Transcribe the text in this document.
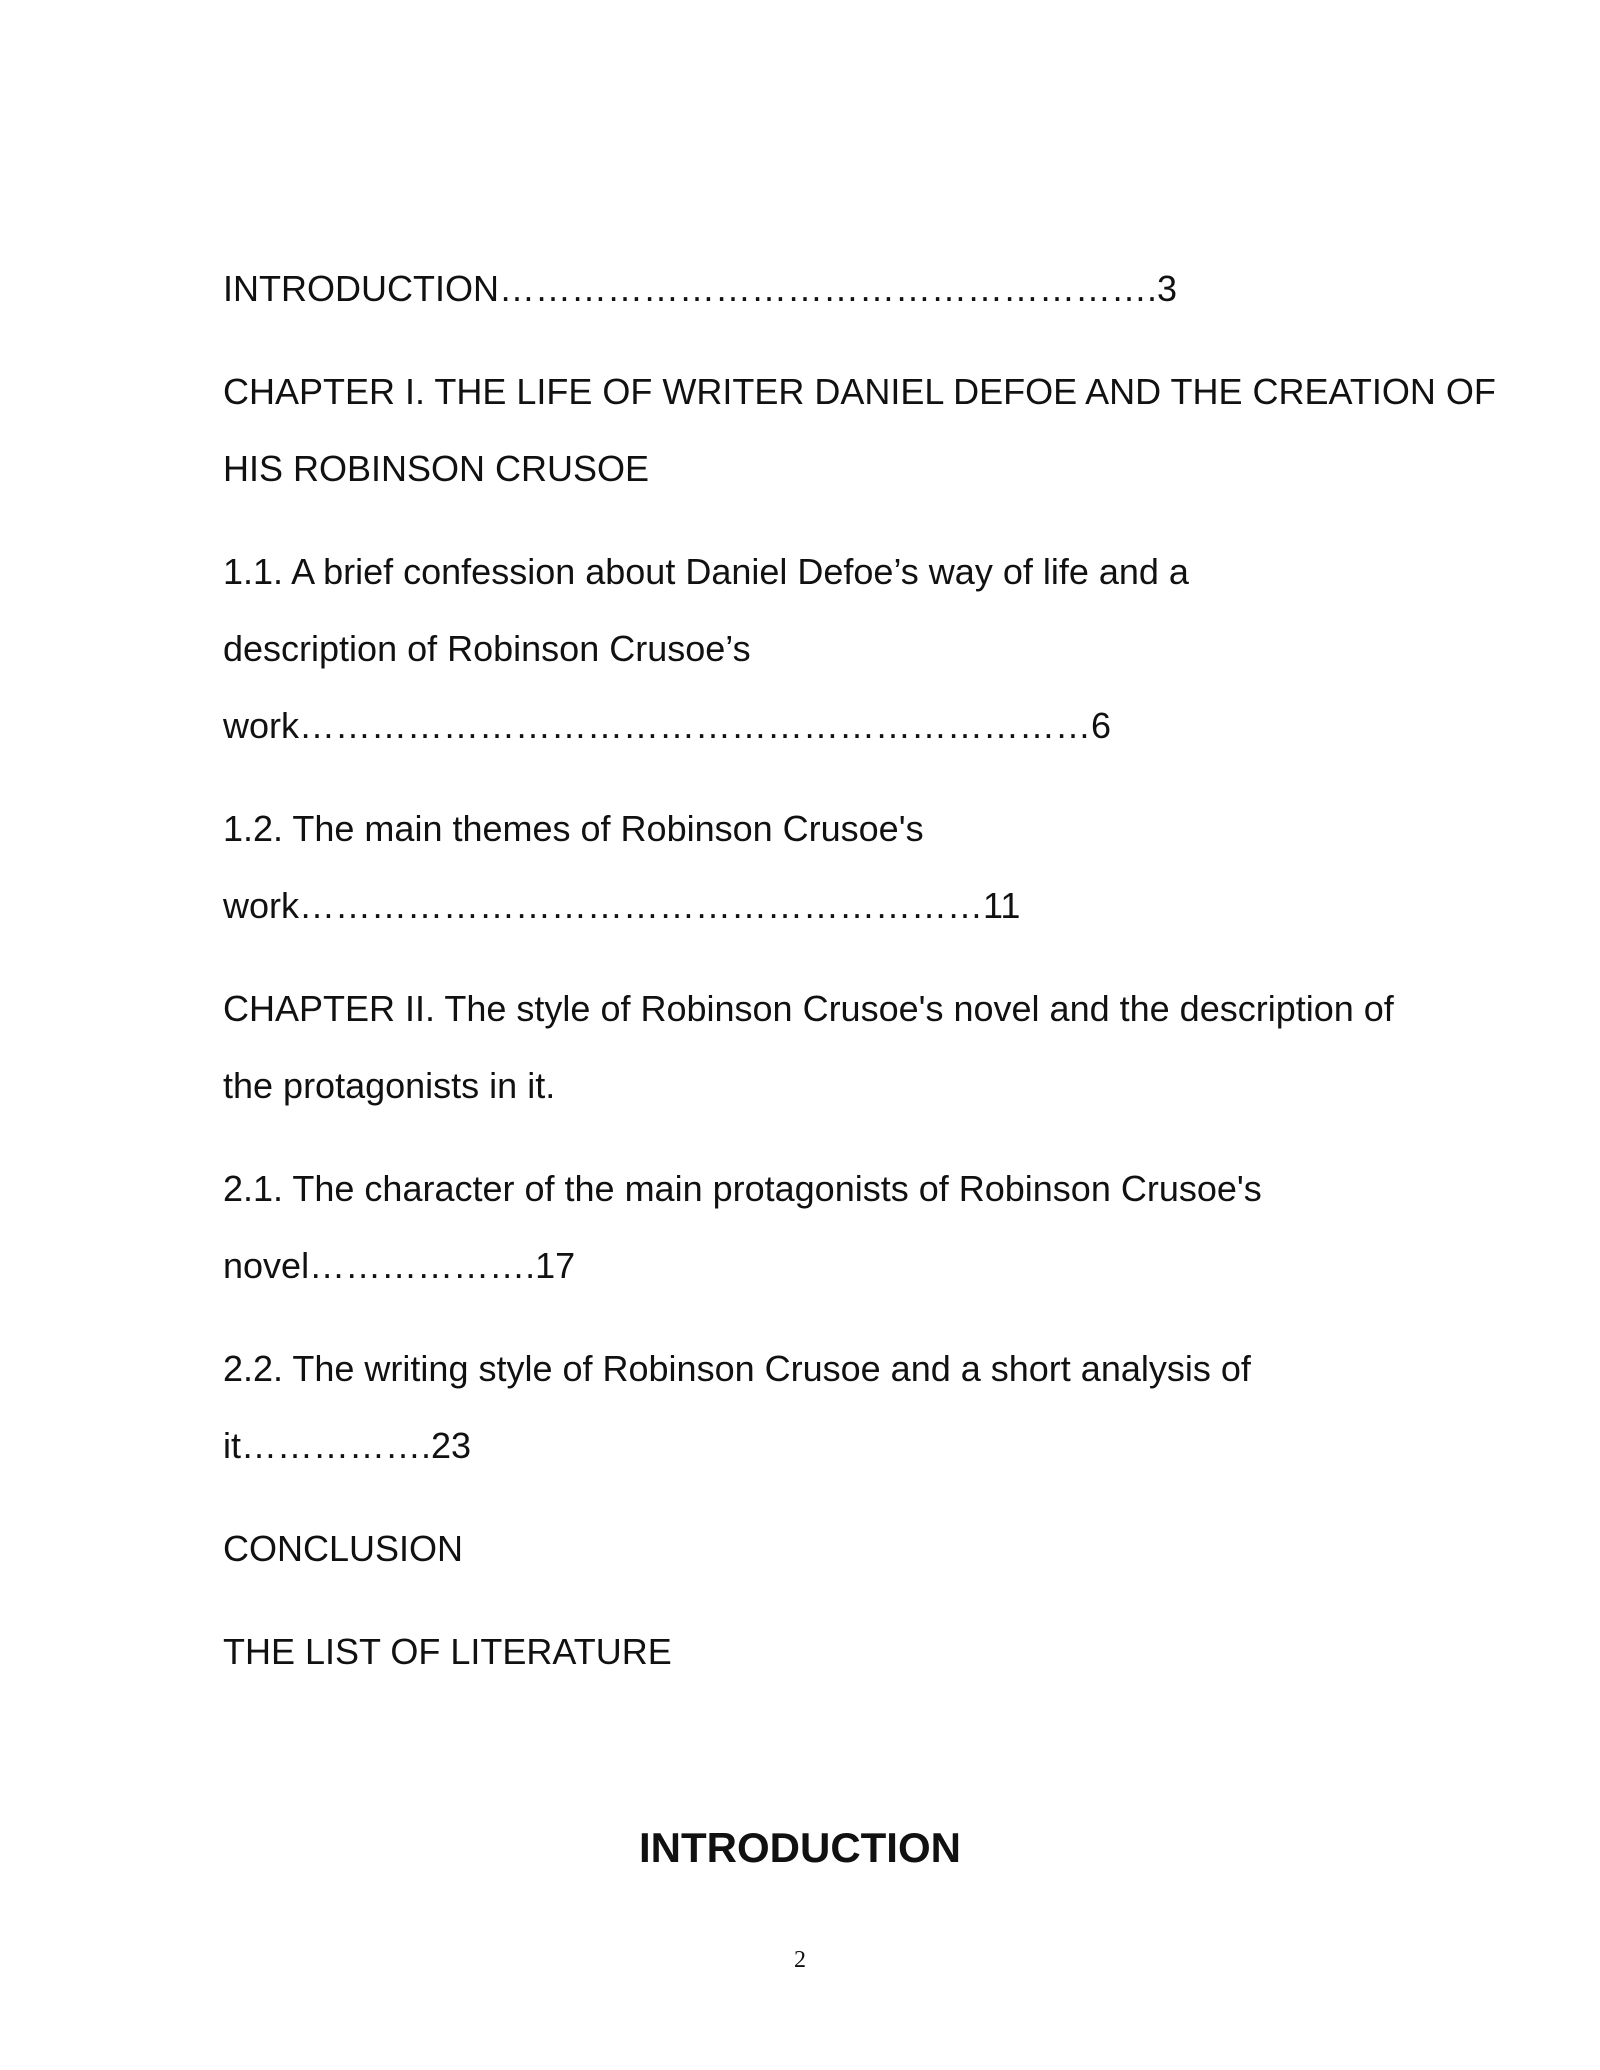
INTRODUCTION……………………………………………….3
CHAPTER I. THE LIFE OF WRITER DANIEL DEFOE AND THE CREATION OF
HIS ROBINSON CRUSOE
1.1. A brief confession about Daniel Defoe’s way of life and a
description of Robinson Crusoe’s
work…………………………………………………………6
1.2. The main themes of Robinson Crusoe's
work…………………………………………………11
CHAPTER II. The style of Robinson Crusoe's novel and the description of
the protagonists in it.
2.1. The character of the main protagonists of Robinson Crusoe's
novel……………….17
2.2. The writing style of Robinson Crusoe and a short analysis of
it…………….23
CONCLUSION
THE LIST OF LITERATURE
INTRODUCTION
2
